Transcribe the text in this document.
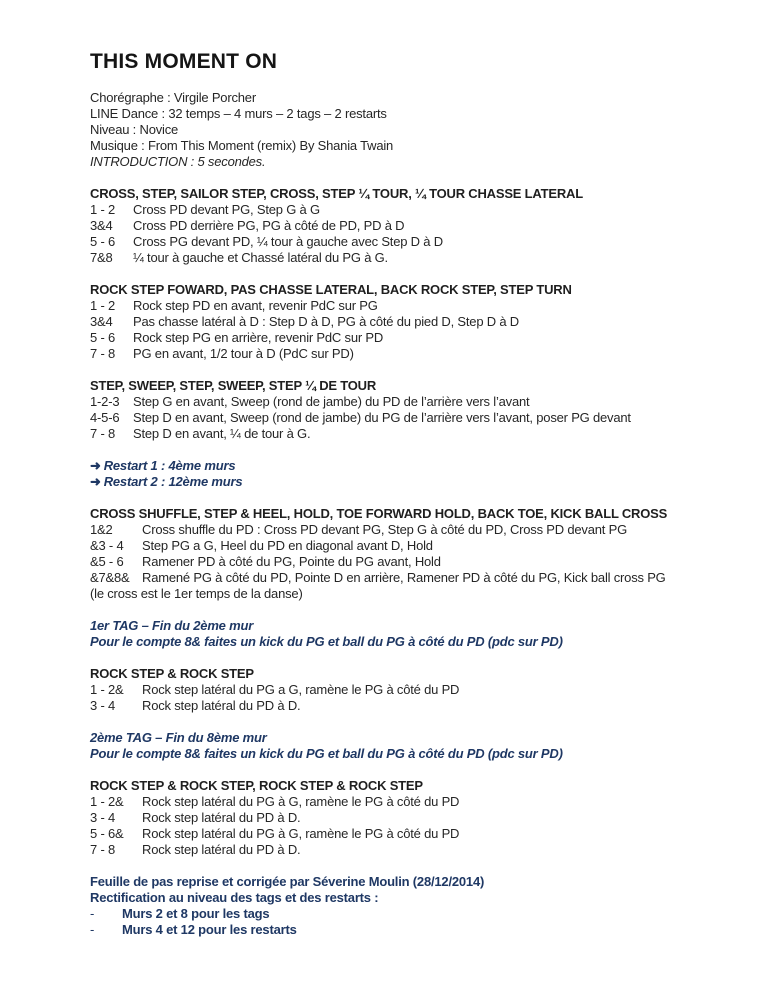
THIS MOMENT ON
Chorégraphe : Virgile Porcher
LINE Dance : 32 temps – 4 murs – 2 tags – 2 restarts
Niveau : Novice
Musique : From This Moment (remix) By Shania Twain
INTRODUCTION : 5 secondes.
CROSS, STEP, SAILOR STEP, CROSS, STEP ¼ TOUR, ¼ TOUR CHASSE LATERAL
1 - 2	Cross PD devant PG, Step G à G
3&4	Cross PD derrière PG, PG à côté de PD, PD à D
5 - 6	Cross PG devant PD, ¼ tour à gauche avec Step D à D
7&8	¼ tour à gauche et Chassé latéral du PG à G.
ROCK STEP FOWARD, PAS CHASSE LATERAL, BACK ROCK STEP, STEP TURN
1 - 2	Rock step PD en avant, revenir PdC sur PG
3&4	Pas chasse latéral à D : Step D à D, PG à côté du pied D, Step D à D
5 - 6	Rock step PG en arrière, revenir PdC sur PD
7 - 8	PG en avant, 1/2 tour à D (PdC sur PD)
STEP, SWEEP, STEP, SWEEP, STEP ¼ DE TOUR
1-2-3	Step G en avant, Sweep (rond de jambe) du PD de l’arrière vers l’avant
4-5-6	Step D en avant, Sweep (rond de jambe) du PG de l’arrière vers l’avant, poser PG devant
7 - 8	Step D en avant, ¼ de tour à G.
➜ Restart 1 : 4ème murs
➜ Restart 2 : 12ème murs
CROSS SHUFFLE, STEP & HEEL, HOLD, TOE FORWARD HOLD, BACK TOE, KICK BALL CROSS
1&2	Cross shuffle du PD : Cross PD devant PG, Step G à côté du PD, Cross PD devant PG
&3 - 4	Step PG a G, Heel du PD en diagonal avant D, Hold
&5 - 6	Ramener PD à côté du PG, Pointe du PG avant, Hold
&7&8& Ramené PG à côté du PD, Pointe D en arrière, Ramener PD à côté du PG, Kick ball cross PG
(le cross est le 1er temps de la danse)
1er TAG – Fin du 2ème mur
Pour le compte 8& faites un kick du PG et ball du PG à côté du PD (pdc sur PD)
ROCK STEP & ROCK STEP
1 - 2&	Rock step latéral du PG a G, ramène le PG à côté du PD
3 - 4	Rock step latéral du PD à D.
2ème TAG – Fin du 8ème mur
Pour le compte 8& faites un kick du PG et ball du PG à côté du PD (pdc sur PD)
ROCK STEP & ROCK STEP, ROCK STEP & ROCK STEP
1 - 2&	Rock step latéral du PG à G, ramène le PG à côté du PD
3 - 4	Rock step latéral du PD à D.
5 - 6&	Rock step latéral du PG à G, ramène le PG à côté du PD
7 - 8	Rock step latéral du PD à D.
Feuille de pas reprise et corrigée par Séverine Moulin (28/12/2014)
Rectification au niveau des tags et des restarts :
-	Murs 2 et 8 pour les tags
-	Murs 4 et 12 pour les restarts
